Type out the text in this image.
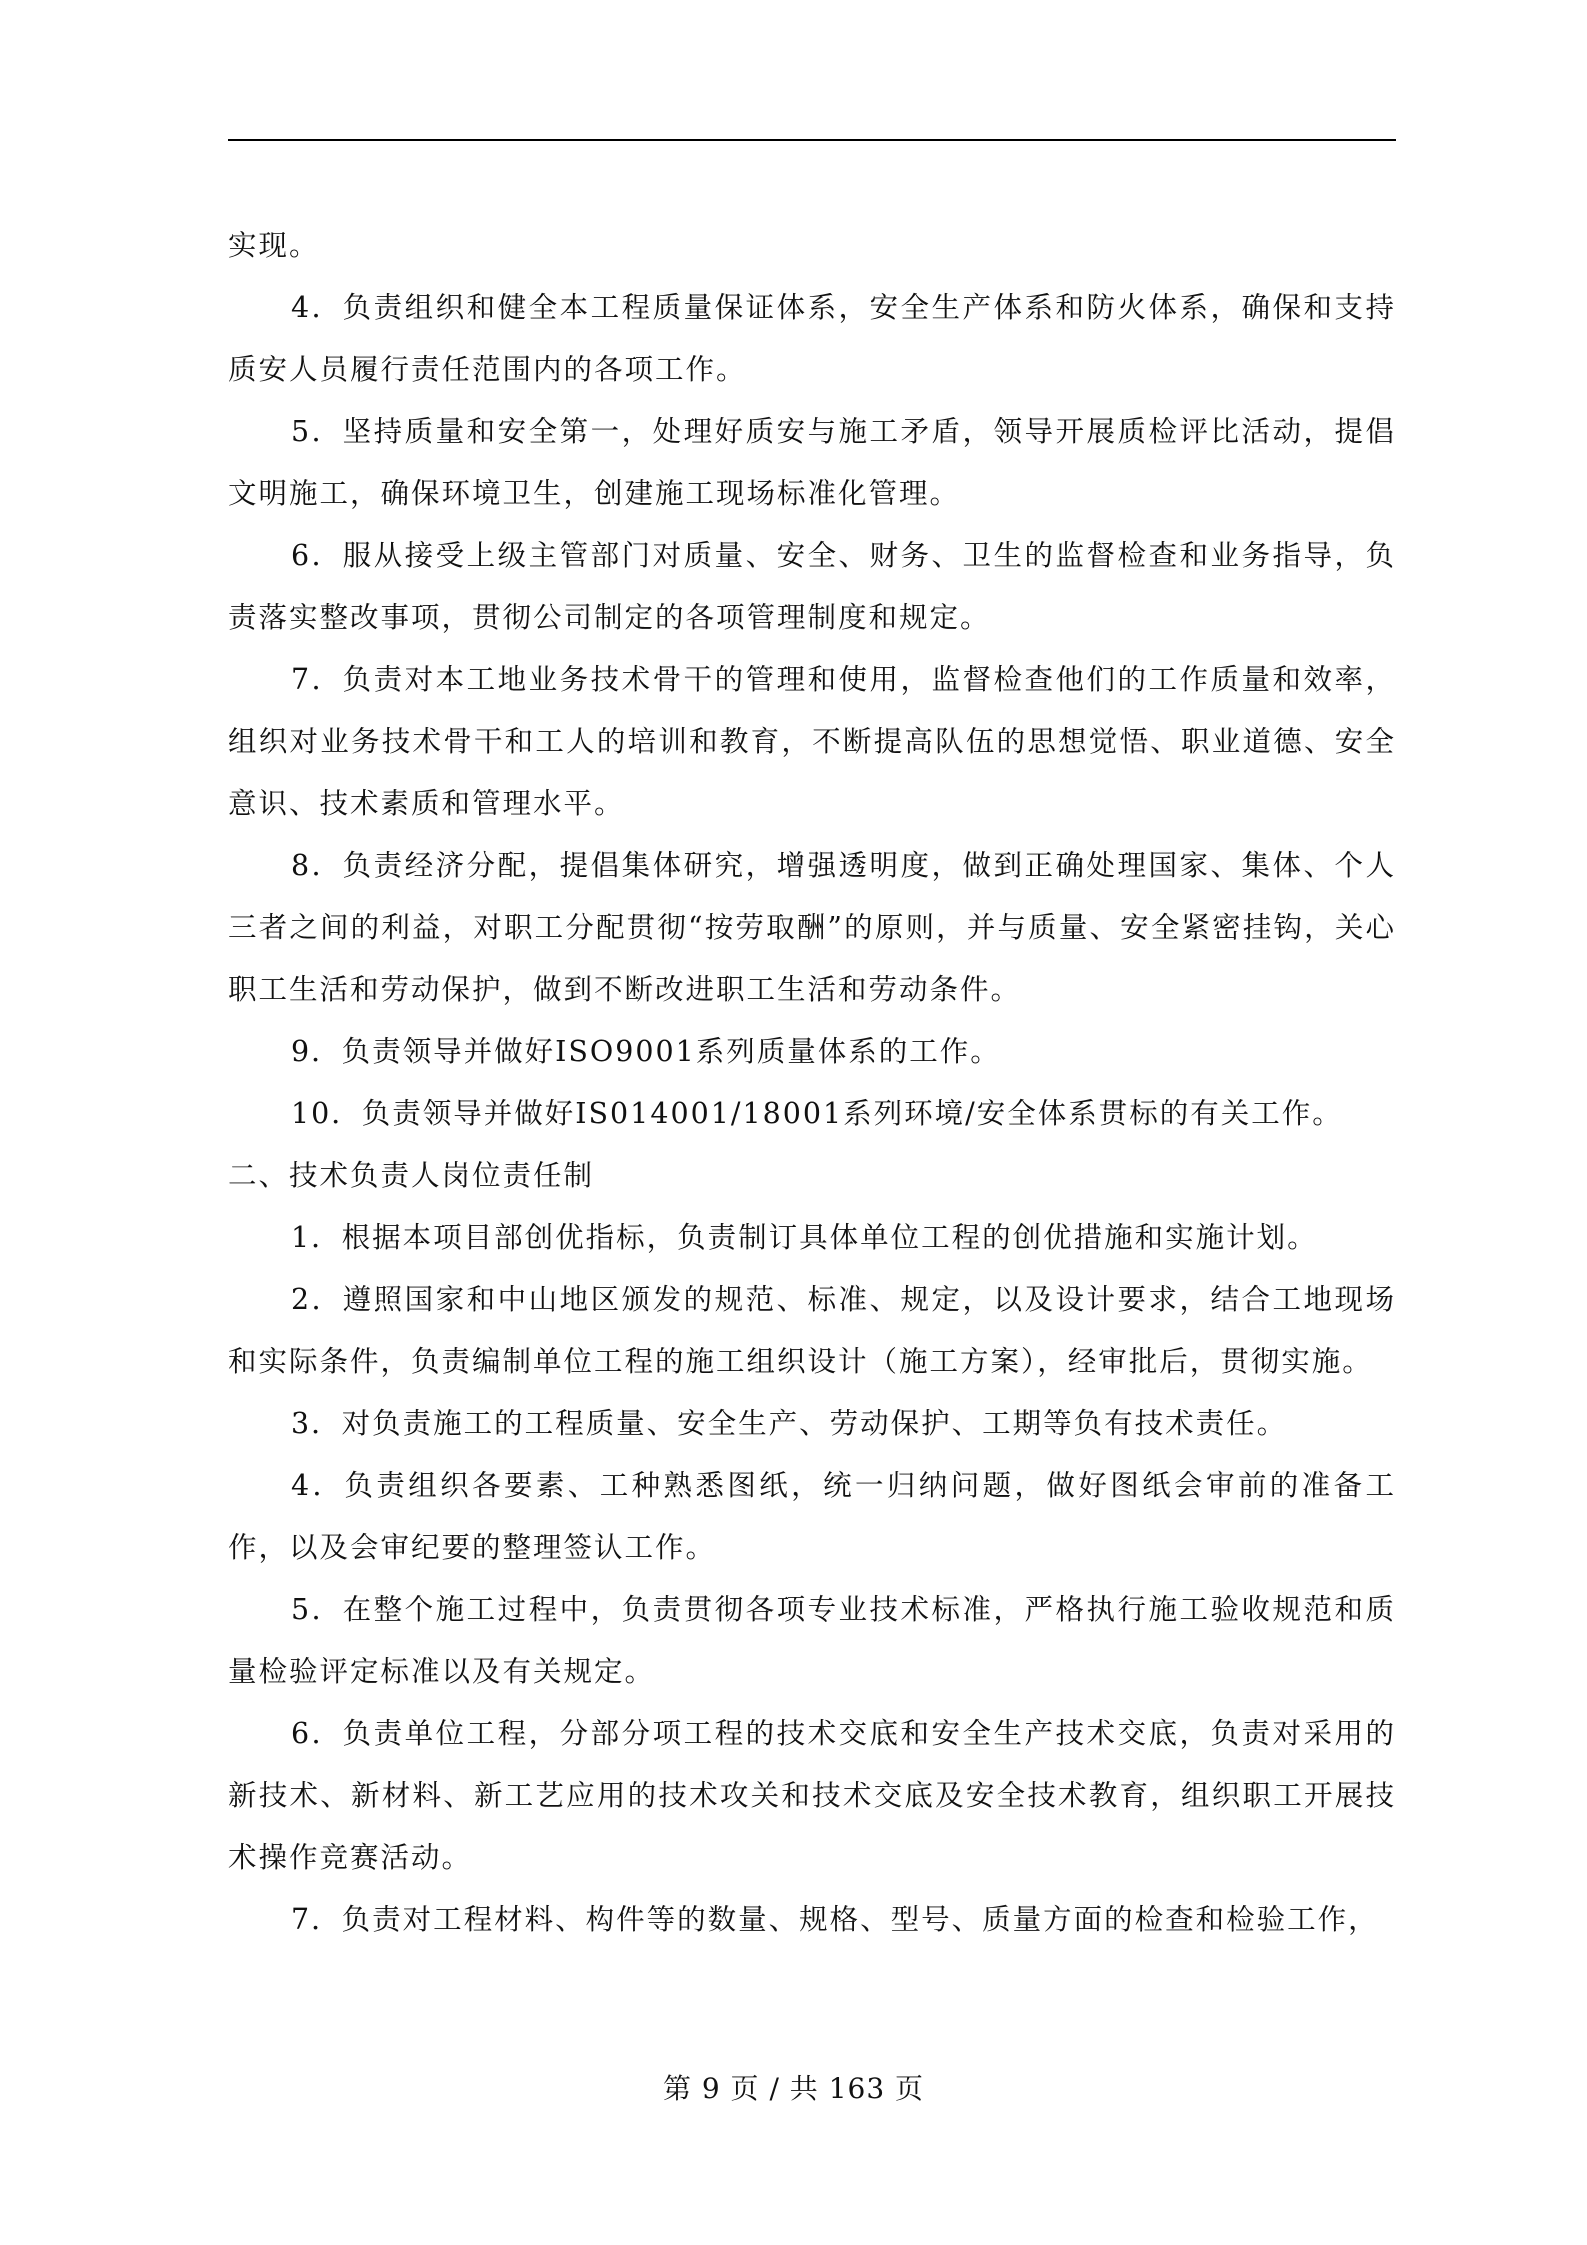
实现。

4．负责组织和健全本工程质量保证体系，安全生产体系和防火体系，确保和支持质安人员履行责任范围内的各项工作。

5．坚持质量和安全第一，处理好质安与施工矛盾，领导开展质检评比活动，提倡文明施工，确保环境卫生，创建施工现场标准化管理。

6．服从接受上级主管部门对质量、安全、财务、卫生的监督检查和业务指导，负责落实整改事项，贯彻公司制定的各项管理制度和规定。

7．负责对本工地业务技术骨干的管理和使用，监督检查他们的工作质量和效率，组织对业务技术骨干和工人的培训和教育，不断提高队伍的思想觉悟、职业道德、安全意识、技术素质和管理水平。

8．负责经济分配，提倡集体研究，增强透明度，做到正确处理国家、集体、个人三者之间的利益，对职工分配贯彻“按劳取酬”的原则，并与质量、安全紧密挂钩，关心职工生活和劳动保护，做到不断改进职工生活和劳动条件。

9．负责领导并做好ISO9001系列质量体系的工作。

10．负责领导并做好IS014001/18001系列环境/安全体系贯标的有关工作。

二、技术负责人岗位责任制

1．根据本项目部创优指标，负责制订具体单位工程的创优措施和实施计划。

2．遵照国家和中山地区颁发的规范、标准、规定，以及设计要求，结合工地现场和实际条件，负责编制单位工程的施工组织设计（施工方案），经审批后，贯彻实施。

3．对负责施工的工程质量、安全生产、劳动保护、工期等负有技术责任。

4．负责组织各要素、工种熟悉图纸，统一归纳问题，做好图纸会审前的准备工作，以及会审纪要的整理签认工作。

5．在整个施工过程中，负责贯彻各项专业技术标准，严格执行施工验收规范和质量检验评定标准以及有关规定。

6．负责单位工程，分部分项工程的技术交底和安全生产技术交底，负责对采用的新技术、新材料、新工艺应用的技术攻关和技术交底及安全技术教育，组织职工开展技术操作竞赛活动。

7．负责对工程材料、构件等的数量、规格、型号、质量方面的检查和检验工作，

第 9 页 / 共 163 页
